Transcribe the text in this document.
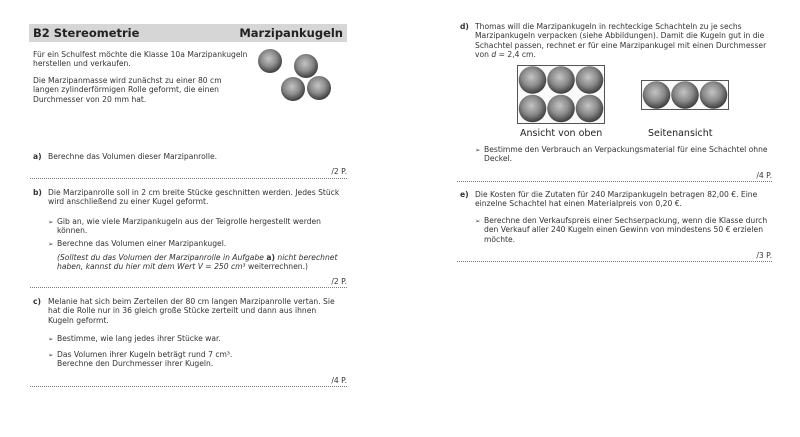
B2 Stereometrie	Marzipankugeln
Für ein Schulfest möchte die Klasse 10a Marzipankugeln
herstellen und verkaufen.
Die Marzipanmasse wird zunächst zu einer 80 cm
langen zylinderförmigen Rolle geformt, die einen
Durchmesser von 20 mm hat.
a) Berechne das Volumen dieser Marzipanrolle.
/2 P.
b) Die Marzipanrolle soll in 2 cm breite Stücke geschnitten werden. Jedes Stück
wird anschließend zu einer Kugel geformt.
➢ Gib an, wie viele Marzipankugeln aus der Teigrolle hergestellt werden
können.
➢ Berechne das Volumen einer Marzipankugel.
(Solltest du das Volumen der Marzipanrolle in Aufgabe a) nicht berechnet
haben, kannst du hier mit dem Wert V = 250 cm³ weiterrechnen.)
/2 P.
c) Melanie hat sich beim Zerteilen der 80 cm langen Marzipanrolle vertan. Sie
hat die Rolle nur in 36 gleich große Stücke zerteilt und dann aus ihnen
Kugeln geformt.
➢ Bestimme, wie lang jedes ihrer Stücke war.
➢ Das Volumen ihrer Kugeln beträgt rund 7 cm³.
Berechne den Durchmesser ihrer Kugeln.
/4 P.
d) Thomas will die Marzipankugeln in rechteckige Schachteln zu je sechs
Marzipankugeln verpacken (siehe Abbildungen). Damit die Kugeln gut in die
Schachtel passen, rechnet er für eine Marzipankugel mit einen Durchmesser
von d = 2,4 cm.
Ansicht von oben	Seitenansicht
➢ Bestimme den Verbrauch an Verpackungsmaterial für eine Schachtel ohne
Deckel.
/4 P.
e) Die Kosten für die Zutaten für 240 Marzipankugeln betragen 82,00 €. Eine
einzelne Schachtel hat einen Materialpreis von 0,20 €.
➢ Berechne den Verkaufspreis einer Sechserpackung, wenn die Klasse durch
den Verkauf aller 240 Kugeln einen Gewinn von mindestens 50 € erzielen
möchte.
/3 P.
